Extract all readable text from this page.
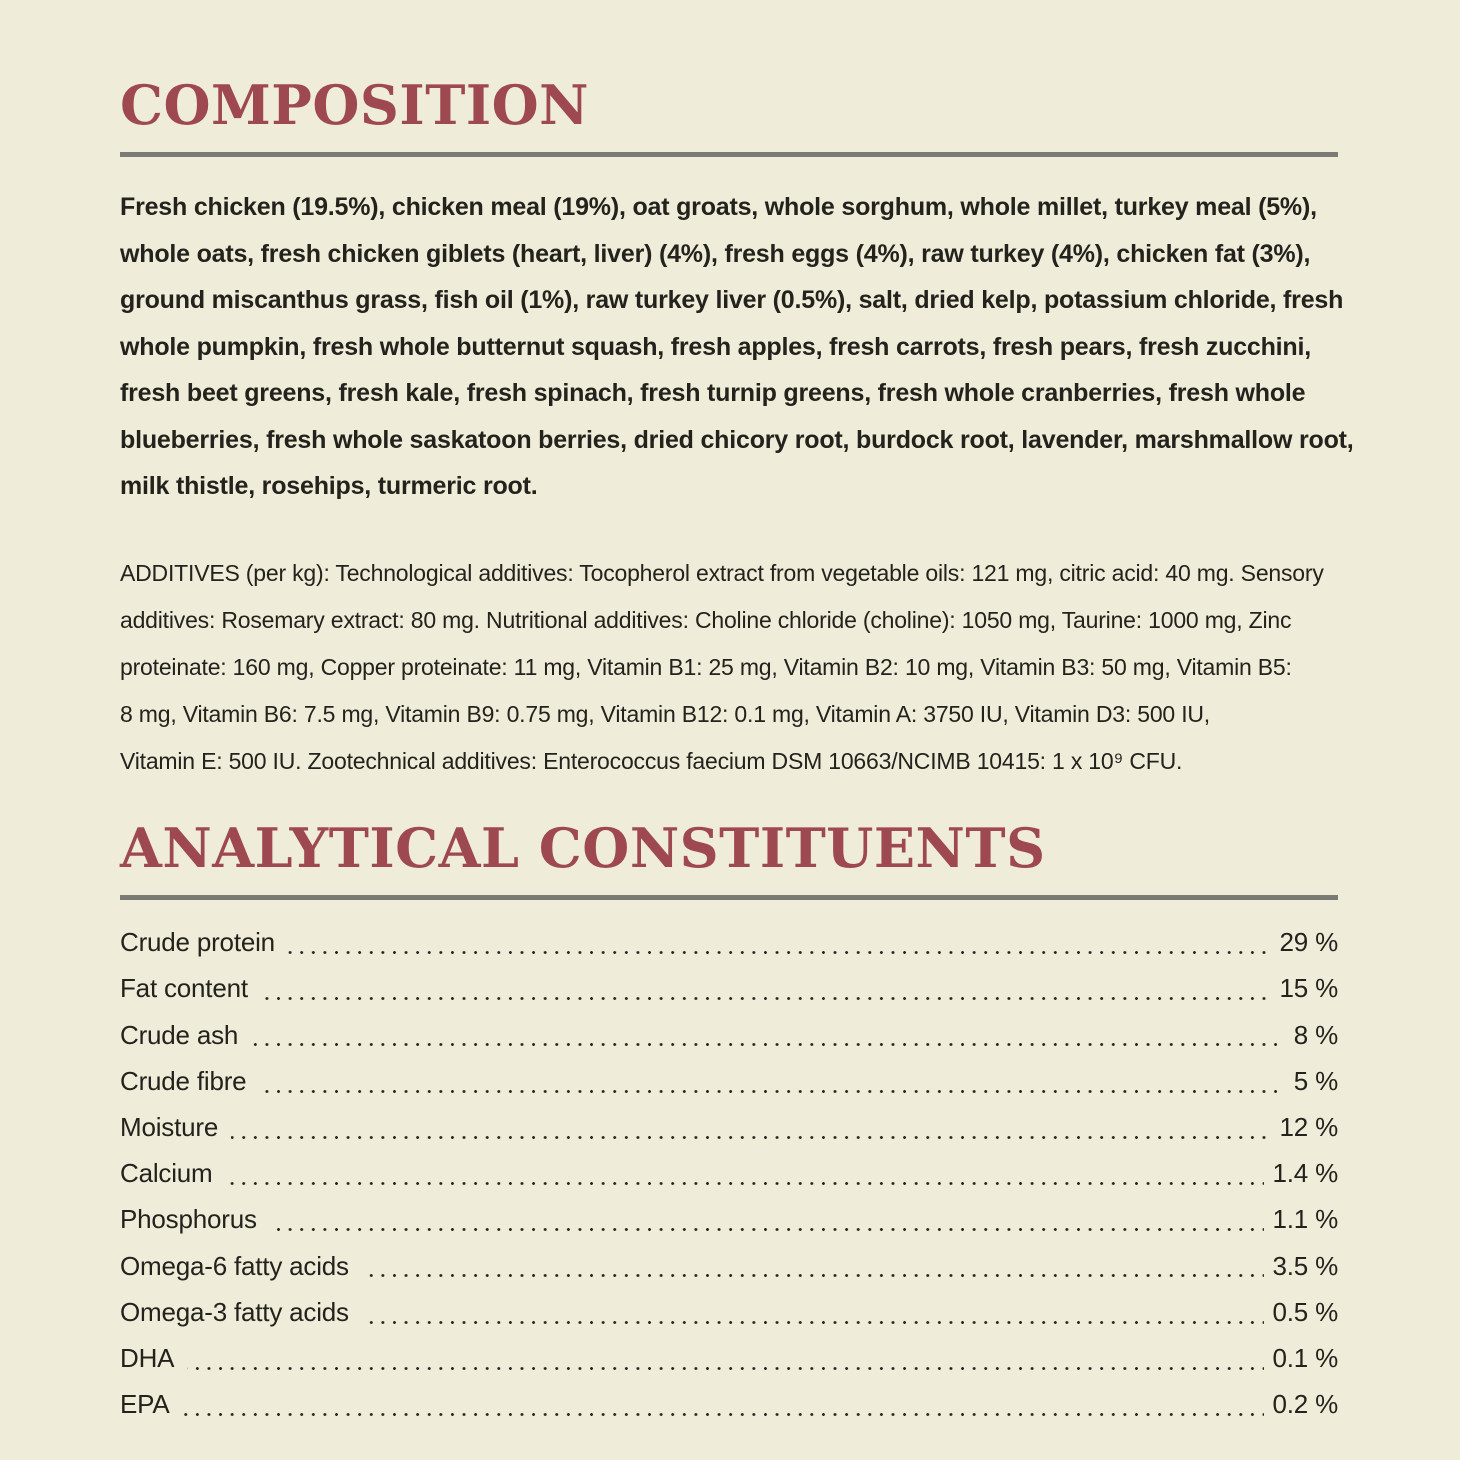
COMPOSITION
Fresh chicken (19.5%), chicken meal (19%), oat groats, whole sorghum, whole millet, turkey meal (5%),
whole oats, fresh chicken giblets (heart, liver) (4%), fresh eggs (4%), raw turkey (4%), chicken fat (3%),
ground miscanthus grass, fish oil (1%), raw turkey liver (0.5%), salt, dried kelp, potassium chloride, fresh
whole pumpkin, fresh whole butternut squash, fresh apples, fresh carrots, fresh pears, fresh zucchini,
fresh beet greens, fresh kale, fresh spinach, fresh turnip greens, fresh whole cranberries, fresh whole
blueberries, fresh whole saskatoon berries, dried chicory root, burdock root, lavender, marshmallow root,
milk thistle, rosehips, turmeric root.
ADDITIVES (per kg): Technological additives: Tocopherol extract from vegetable oils: 121 mg, citric acid: 40 mg. Sensory
additives: Rosemary extract: 80 mg. Nutritional additives: Choline chloride (choline): 1050 mg, Taurine: 1000 mg, Zinc
proteinate: 160 mg, Copper proteinate: 11 mg, Vitamin B1: 25 mg, Vitamin B2: 10 mg, Vitamin B3: 50 mg, Vitamin B5:
8 mg, Vitamin B6: 7.5 mg, Vitamin B9: 0.75 mg, Vitamin B12: 0.1 mg, Vitamin A: 3750 IU, Vitamin D3: 500 IU,
Vitamin E: 500 IU. Zootechnical additives: Enterococcus faecium DSM 10663/NCIMB 10415: 1 x 10⁹ CFU.
ANALYTICAL CONSTITUENTS
Crude protein	29 %
Fat content	15 %
Crude ash	8 %
Crude fibre	5 %
Moisture	12 %
Calcium	1.4 %
Phosphorus	1.1 %
Omega-6 fatty acids	3.5 %
Omega-3 fatty acids	0.5 %
DHA	0.1 %
EPA	0.2 %
